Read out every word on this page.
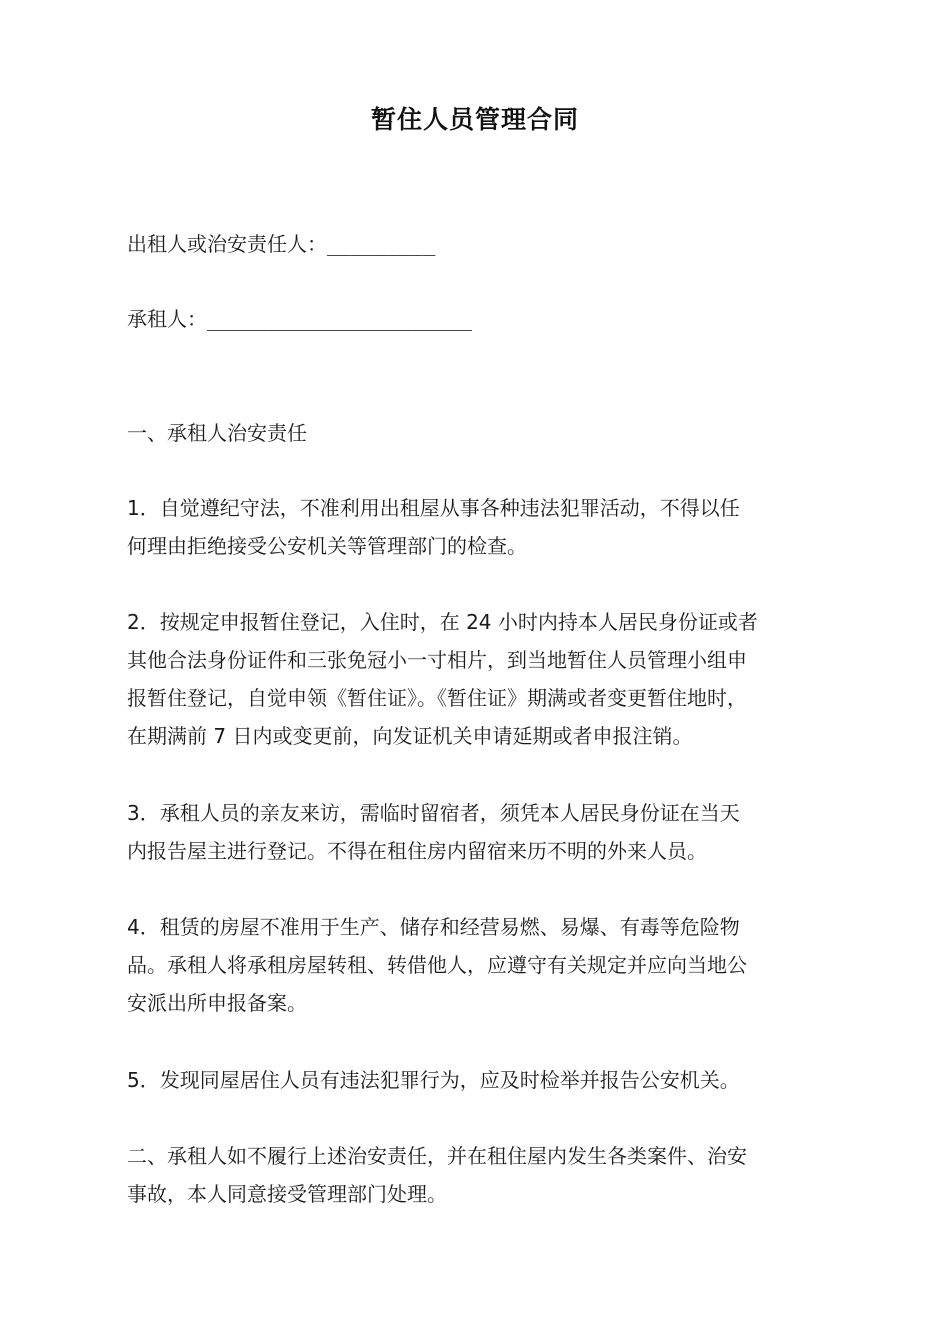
暂住人员管理合同
出租人或治安责任人：_________
承租人：______________________
一、承租人治安责任
1．自觉遵纪守法，不准利用出租屋从事各种违法犯罪活动，不得以任
何理由拒绝接受公安机关等管理部门的检查。
2．按规定申报暂住登记，入住时，在 24 小时内持本人居民身份证或者
其他合法身份证件和三张免冠小一寸相片，到当地暂住人员管理小组申
报暂住登记，自觉申领《暂住证》。《暂住证》期满或者变更暂住地时，
在期满前 7 日内或变更前，向发证机关申请延期或者申报注销。
3．承租人员的亲友来访，需临时留宿者，须凭本人居民身份证在当天
内报告屋主进行登记。不得在租住房内留宿来历不明的外来人员。
4．租赁的房屋不准用于生产、储存和经营易燃、易爆、有毒等危险物
品。承租人将承租房屋转租、转借他人，应遵守有关规定并应向当地公
安派出所申报备案。
5．发现同屋居住人员有违法犯罪行为，应及时检举并报告公安机关。
二、承租人如不履行上述治安责任，并在租住屋内发生各类案件、治安
事故，本人同意接受管理部门处理。
